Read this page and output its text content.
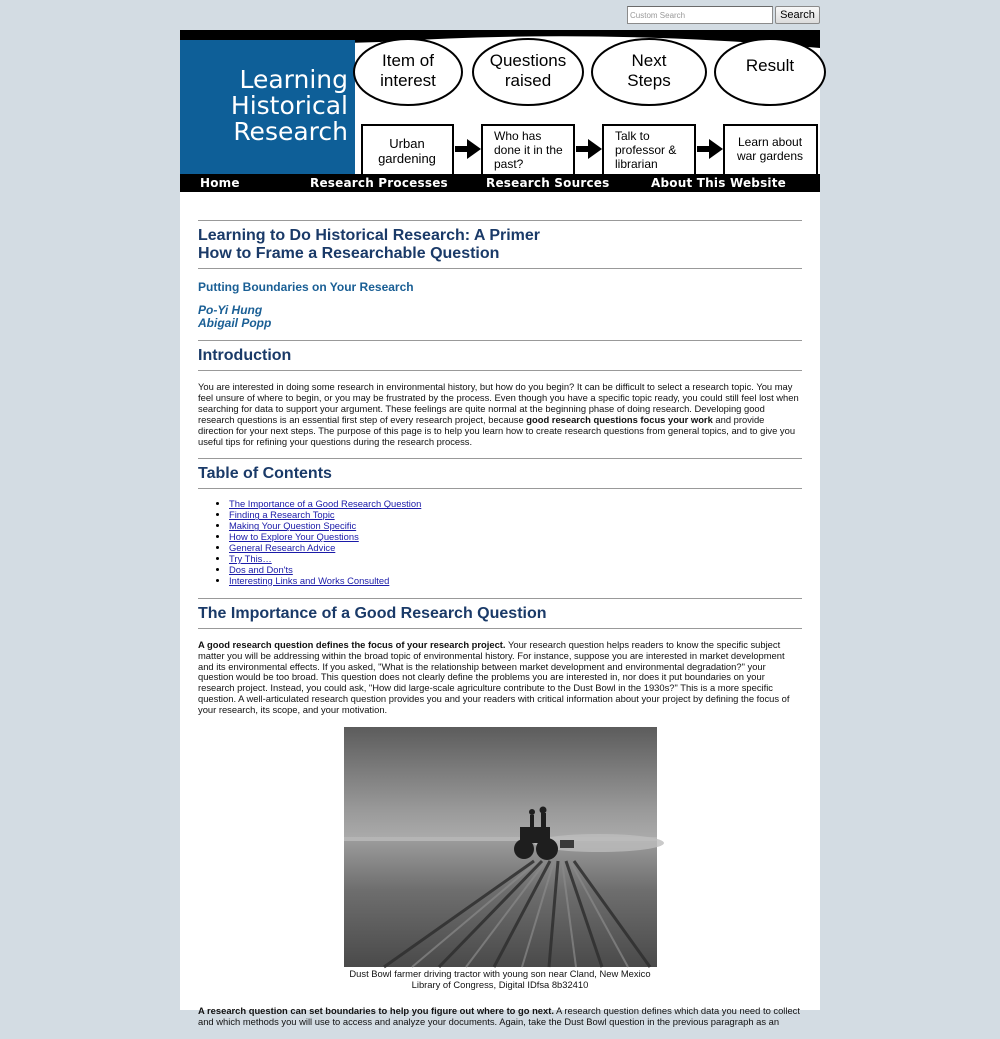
Custom Search
Search
Learning
Historical
Research
Item of
interest
Questions
raised
Next
Steps
Result
Urban
gardening
Who has
done it in the
past?
Talk to
professor &
librarian
Learn about
war gardens
Home	Research Processes	Research Sources	About This Website
Learning to Do Historical Research: A Primer
How to Frame a Researchable Question
Putting Boundaries on Your Research
Po-Yi Hung
Abigail Popp
Introduction

You are interested in doing some research in environmental history, but how do you begin? It can be difficult to select a research topic. You may feel unsure of where to begin, or you may be frustrated by the process. Even though you have a specific topic ready, you could still feel lost when searching for data to support your argument. These feelings are quite normal at the beginning phase of doing research. Developing good research questions is an essential first step of every research project, because good research questions focus your work and provide direction for your next steps. The purpose of this page is to help you learn how to create research questions from general topics, and to give you useful tips for refining your questions during the research process.

Table of Contents
• The Importance of a Good Research Question
• Finding a Research Topic
• Making Your Question Specific
• How to Explore Your Questions
• General Research Advice
• Try This…
• Dos and Don'ts
• Interesting Links and Works Consulted
The Importance of a Good Research Question

A good research question defines the focus of your research project. Your research question helps readers to know the specific subject matter you will be addressing within the broad topic of environmental history. For instance, suppose you are interested in market development and its environmental effects. If you asked, "What is the relationship between market development and environmental degradation?" your question would be too broad. This question does not clearly define the problems you are interested in, nor does it put boundaries on your research project. Instead, you could ask, "How did large-scale agriculture contribute to the Dust Bowl in the 1930s?" This is a more specific question. A well-articulated research question provides you and your readers with critical information about your project by defining the focus of your research, its scope, and your motivation.

Dust Bowl farmer driving tractor with young son near Cland, New Mexico
Library of Congress, Digital IDfsa 8b32410

A research question can set boundaries to help you figure out where to go next. A research question defines which data you need to collect and which methods you will use to access and analyze your documents. Again, take the Dust Bowl question in the previous paragraph as an
